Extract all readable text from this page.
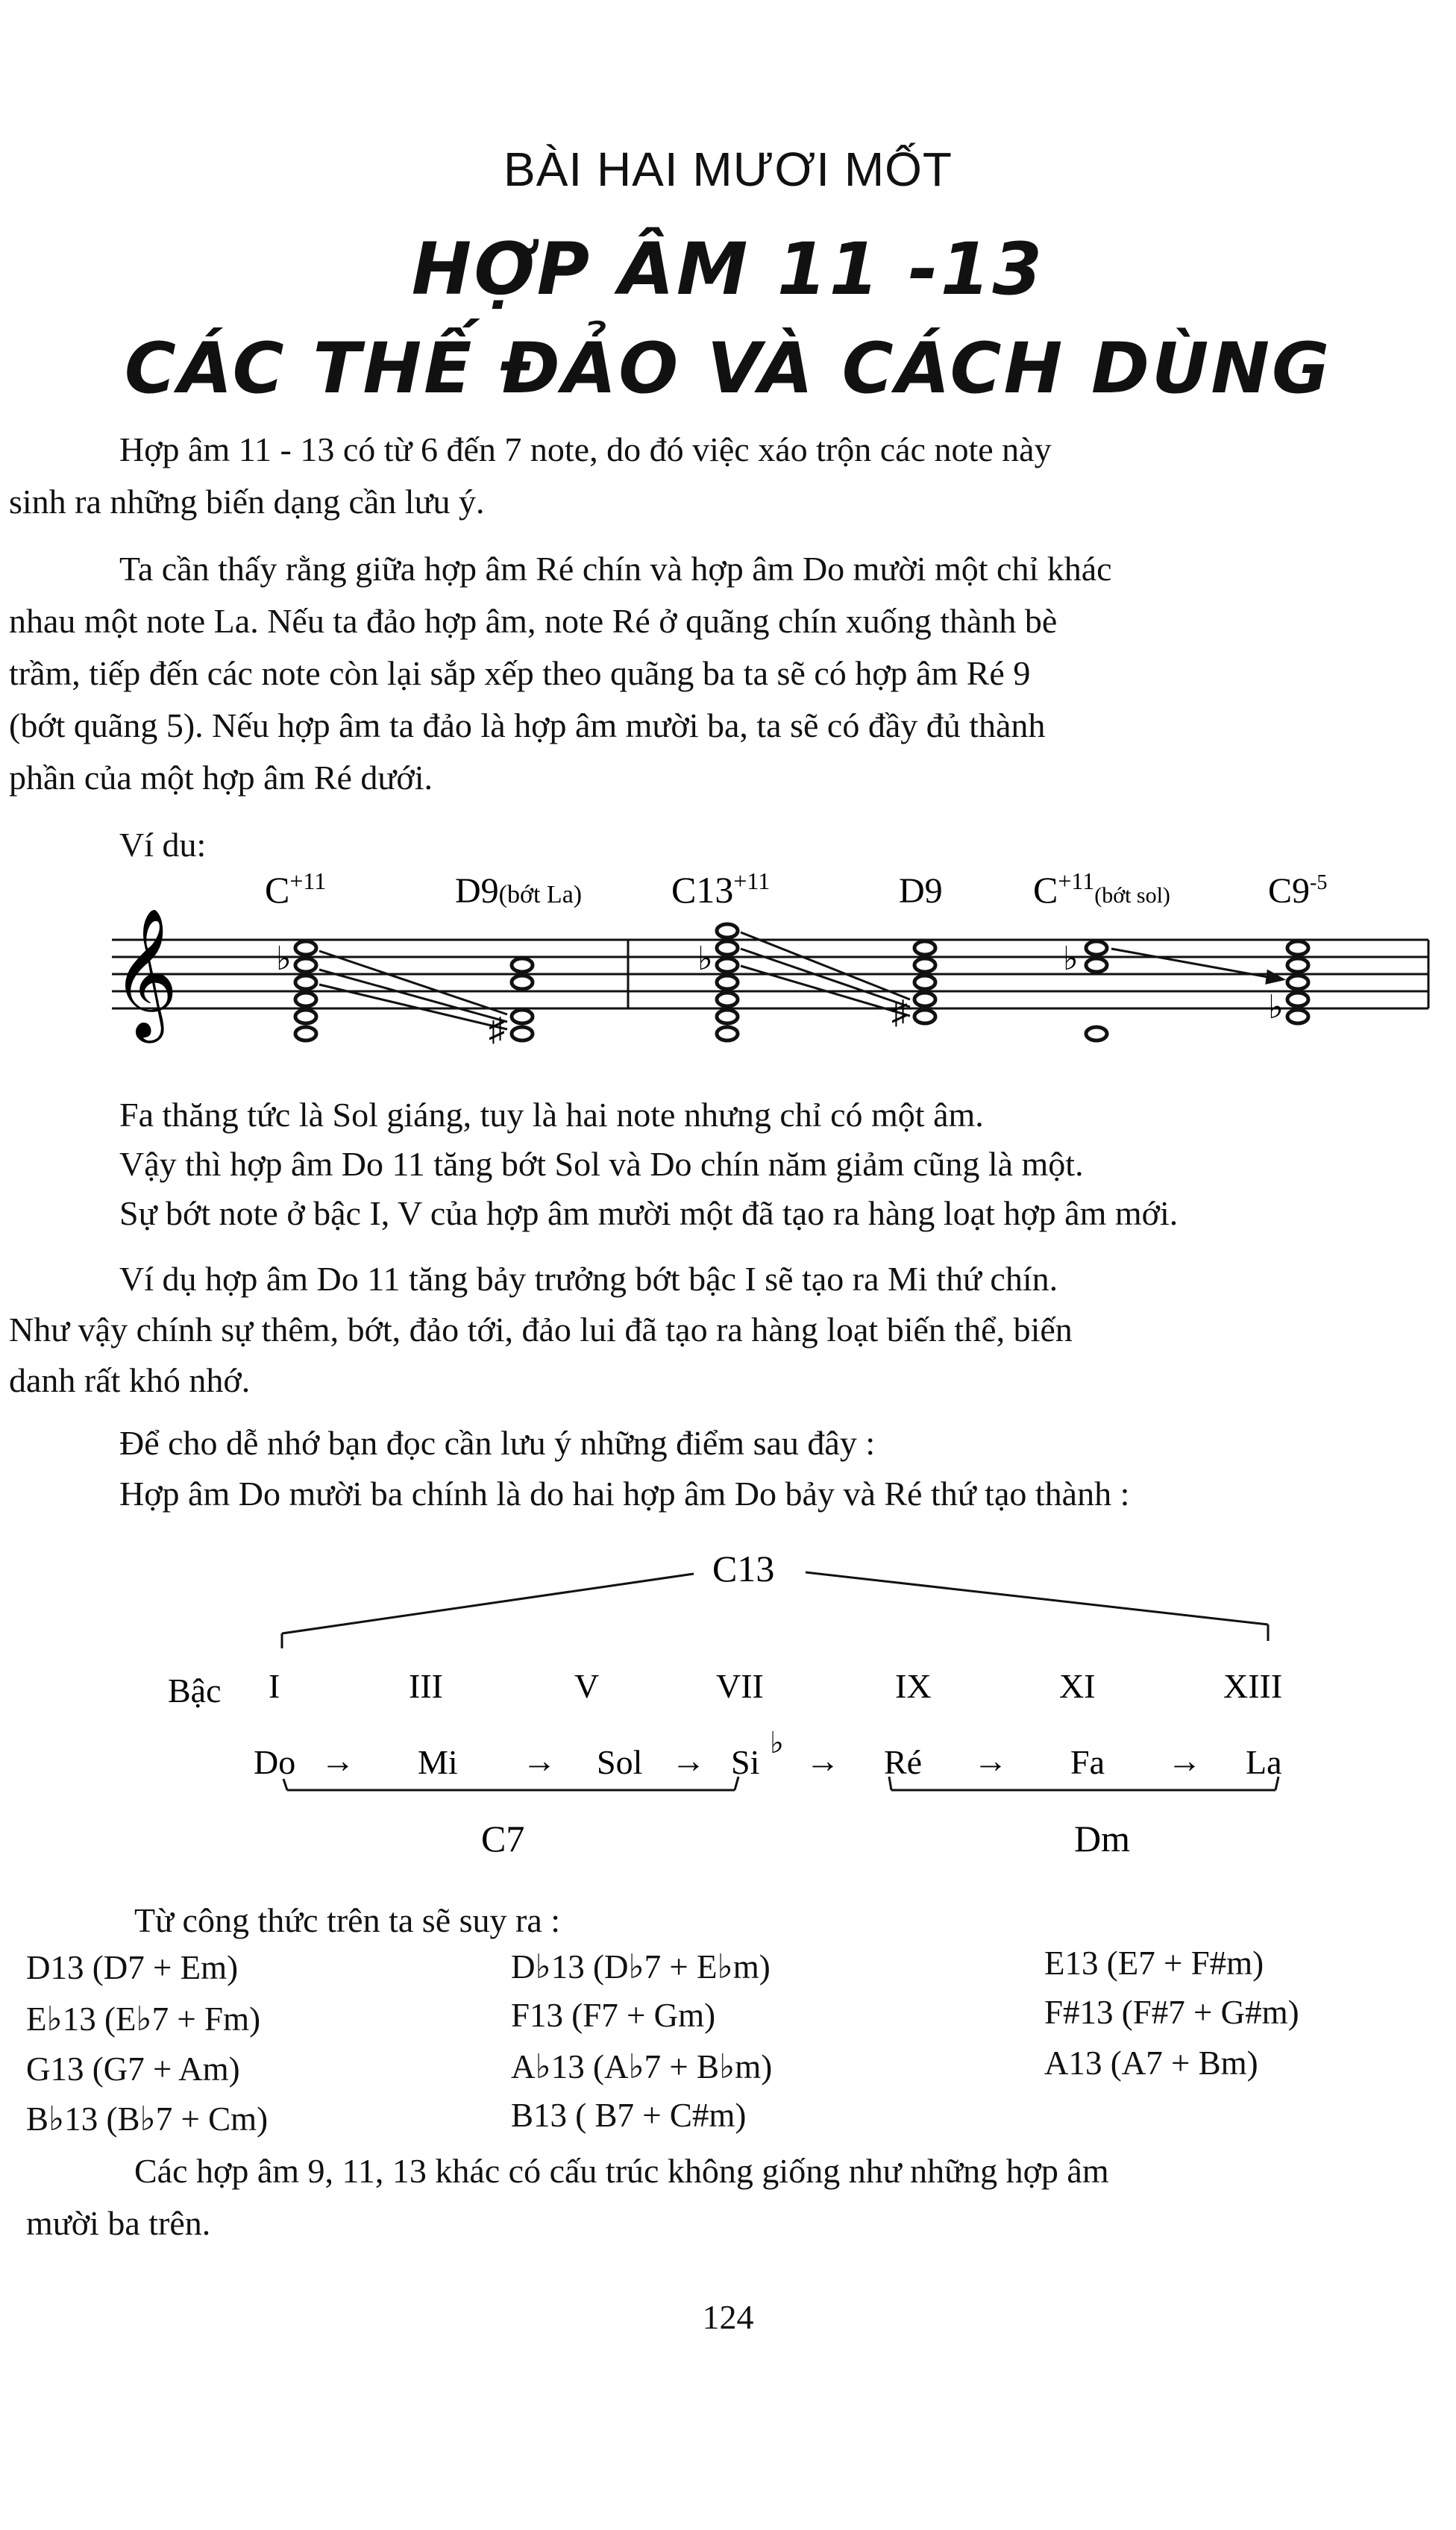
BÀI HAI MƯƠI MỐT
HỢP ÂM 11 -13
CÁC THẾ ĐẢO VÀ CÁCH DÙNG
Hợp âm 11 - 13 có từ 6 đến 7 note, do đó việc xáo trộn các note này
sinh ra những biến dạng cần lưu ý.
Ta cần thấy rằng giữa hợp âm Ré chín và hợp âm Do mười một chỉ khác
nhau một note La. Nếu ta đảo hợp âm, note Ré ở quãng chín xuống thành bè
trầm, tiếp đến các note còn lại sắp xếp theo quãng ba ta sẽ có hợp âm Ré 9
(bớt quãng 5). Nếu hợp âm ta đảo là hợp âm mười ba, ta sẽ có đầy đủ thành
phần của một hợp âm Ré dưới.
Ví du:
$C^{+11}$	D9(bớt La) $C13^{+11}$	D9 $C^{+11}_{(bớt sol)}$	$C9^{-5}$
𝄞	♭
♯
♭
♯
♭
♭
Fa thăng tức là Sol giáng, tuy là hai note nhưng chỉ có một âm.
Vậy thì hợp âm Do 11 tăng bớt Sol và Do chín năm giảm cũng là một.
Sự bớt note ở bậc I, V của hợp âm mười một đã tạo ra hàng loạt hợp âm mới.
Ví dụ hợp âm Do 11 tăng bảy trưởng bớt bậc I sẽ tạo ra Mi thứ chín.
Như vậy chính sự thêm, bớt, đảo tới, đảo lui đã tạo ra hàng loạt biến thể, biến
danh rất khó nhớ.
Để cho dễ nhớ bạn đọc cần lưu ý những điểm sau đây :
Hợp âm Do mười ba chính là do hai hợp âm Do bảy và Ré thứ tạo thành :
C13
Bậc I	III	V	VII	IX	XI	XIII
Do → Mi → Sol → Si
♭ → Ré → Fa → La
C7	Dm
Từ công thức trên ta sẽ suy ra :
D13 (D7 + Em)	D♭13 (D♭7 + E♭m)	E13 (E7 + F#m)
E♭13 (E♭7 + Fm)	F13 (F7 + Gm)	F#13 (F#7 + G#m)
G13 (G7 + Am)	A♭13 (A♭7 + B♭m)	A13 (A7 + Bm)
B♭13 (B♭7 + Cm)	B13 ( B7 + C#m)
Các hợp âm 9, 11, 13 khác có cấu trúc không giống như những hợp âm
mười ba trên.
124
